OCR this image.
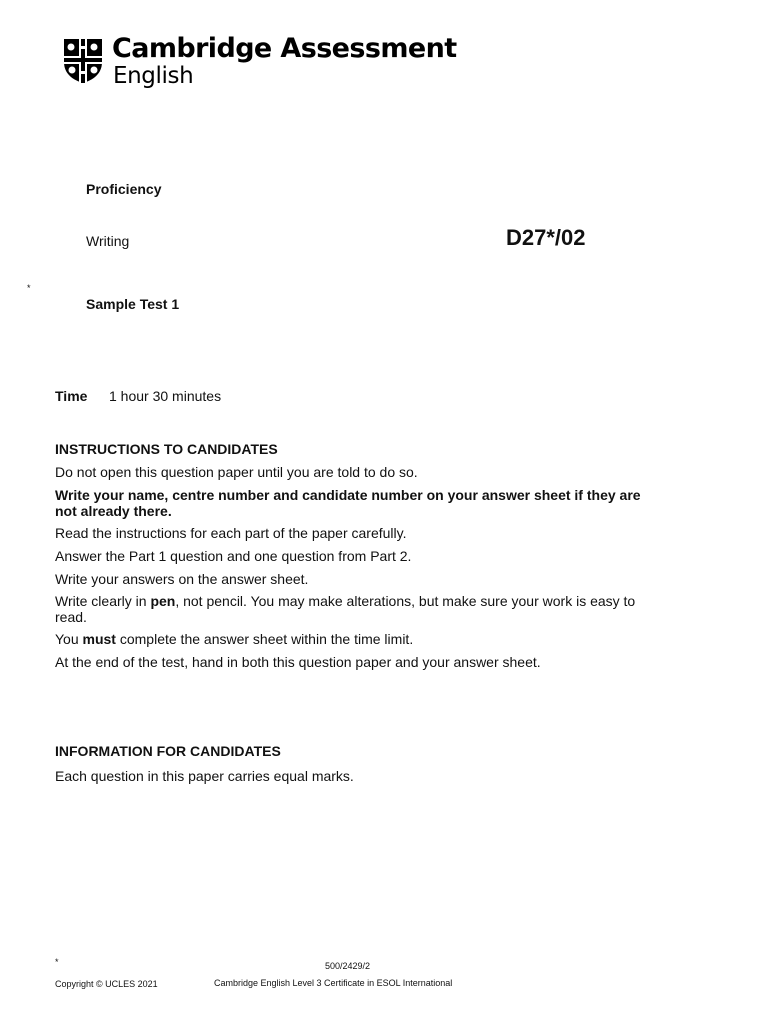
Cambridge Assessment
English
Proficiency
Writing	D27*/02
*
Sample Test 1
Time 1 hour 30 minutes
INSTRUCTIONS TO CANDIDATES
Do not open this question paper until you are told to do so.
Write your name, centre number and candidate number on your answer sheet if they are not already there.
Read the instructions for each part of the paper carefully.
Answer the Part 1 question and one question from Part 2.
Write your answers on the answer sheet.
Write clearly in pen, not pencil. You may make alterations, but make sure your work is easy to read.
You must complete the answer sheet within the time limit.
At the end of the test, hand in both this question paper and your answer sheet.
INFORMATION FOR CANDIDATES
Each question in this paper carries equal marks.
*	500/2429/2
Copyright © UCLES 2021	Cambridge English Level 3 Certificate in ESOL International
